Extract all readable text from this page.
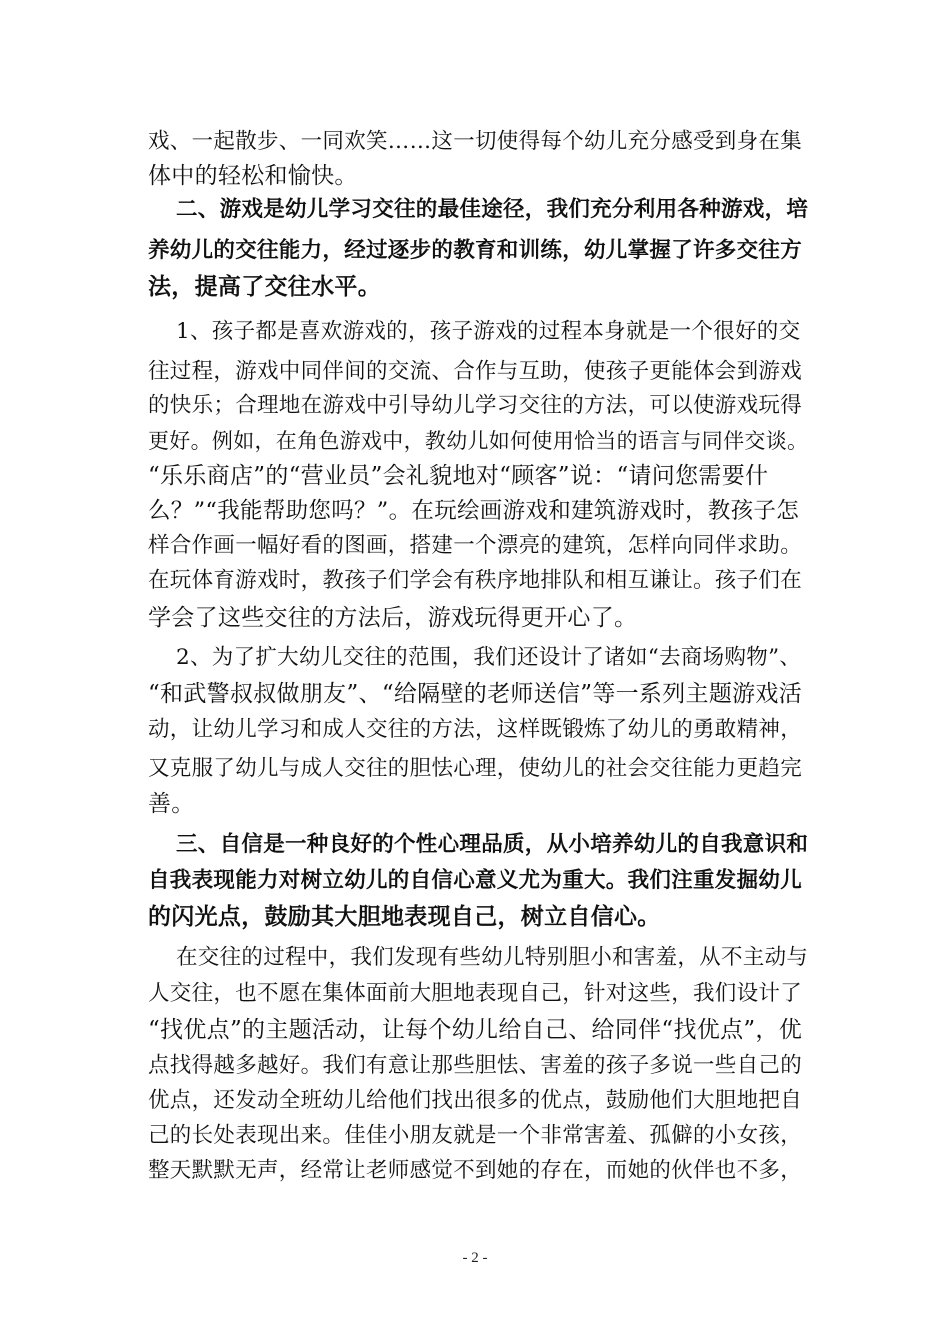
戏、一起散步、一同欢笑……这一切使得每个幼儿充分感受到身在集
体中的轻松和愉快。
二、游戏是幼儿学习交往的最佳途径，我们充分利用各种游戏，培
养幼儿的交往能力，经过逐步的教育和训练，幼儿掌握了许多交往方
法，提高了交往水平。
1、孩子都是喜欢游戏的，孩子游戏的过程本身就是一个很好的交
往过程，游戏中同伴间的交流、合作与互助，使孩子更能体会到游戏
的快乐；合理地在游戏中引导幼儿学习交往的方法，可以使游戏玩得
更好。例如，在角色游戏中，教幼儿如何使用恰当的语言与同伴交谈。
“乐乐商店”的“营业员”会礼貌地对“顾客”说：“请问您需要什
么？”“我能帮助您吗？”。在玩绘画游戏和建筑游戏时，教孩子怎
样合作画一幅好看的图画，搭建一个漂亮的建筑，怎样向同伴求助。
在玩体育游戏时，教孩子们学会有秩序地排队和相互谦让。孩子们在
学会了这些交往的方法后，游戏玩得更开心了。
2、为了扩大幼儿交往的范围，我们还设计了诸如“去商场购物”、
“和武警叔叔做朋友”、“给隔壁的老师送信”等一系列主题游戏活
动，让幼儿学习和成人交往的方法，这样既锻炼了幼儿的勇敢精神，
又克服了幼儿与成人交往的胆怯心理，使幼儿的社会交往能力更趋完
善。
三、自信是一种良好的个性心理品质，从小培养幼儿的自我意识和
自我表现能力对树立幼儿的自信心意义尤为重大。我们注重发掘幼儿
的闪光点，鼓励其大胆地表现自己，树立自信心。
在交往的过程中，我们发现有些幼儿特别胆小和害羞，从不主动与
人交往，也不愿在集体面前大胆地表现自己，针对这些，我们设计了
“找优点”的主题活动，让每个幼儿给自己、给同伴“找优点”，优
点找得越多越好。我们有意让那些胆怯、害羞的孩子多说一些自己的
优点，还发动全班幼儿给他们找出很多的优点，鼓励他们大胆地把自
己的长处表现出来。佳佳小朋友就是一个非常害羞、孤僻的小女孩，
整天默默无声，经常让老师感觉不到她的存在，而她的伙伴也不多，
- 2 -
